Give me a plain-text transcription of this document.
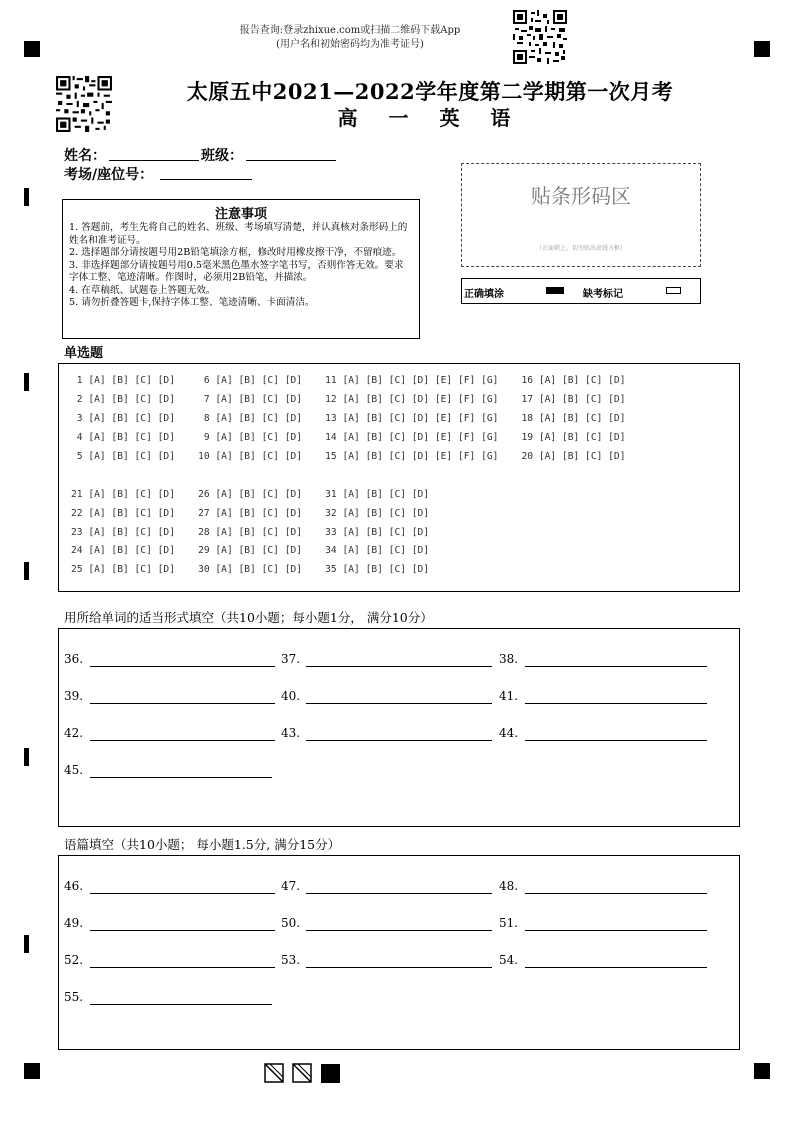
报告查询:登录zhixue.com或扫描二维码下载App
(用户名和初始密码均为准考证号)
太原五中2021—2022学年度第二学期第一次月考
高 一 英 语
姓名：	班级：
考场/座位号：
注意事项

1. 答题前，考生先将自己的姓名、班级、考场填写清楚，并认真核对条形码上的姓名和准考证号。

2. 选择题部分请按题号用2B铅笔填涂方框，修改时用橡皮擦干净，不留痕迹。

3. 非选择题部分请按题号用0.5毫米黑色墨水签字笔书写，否则作答无效。要求字体工整、笔迹清晰。作图时，必须用2B铅笔，并描浓。

4. 在草稿纸、试题卷上答题无效。

5. 请勿折叠答题卡,保持字体工整、笔迹清晰、卡面清洁。

贴条形码区
（正面朝上，切勿贴出虚线方框）
正确填涂	缺考标记
单选题
1 [A] [B] [C] [D]     6 [A] [B] [C] [D]    11 [A] [B] [C] [D] [E] [F] [G]    16 [A] [B] [C] [D]
2 [A] [B] [C] [D]     7 [A] [B] [C] [D]    12 [A] [B] [C] [D] [E] [F] [G]    17 [A] [B] [C] [D]
3 [A] [B] [C] [D]     8 [A] [B] [C] [D]    13 [A] [B] [C] [D] [E] [F] [G]    18 [A] [B] [C] [D]
4 [A] [B] [C] [D]     9 [A] [B] [C] [D]    14 [A] [B] [C] [D] [E] [F] [G]    19 [A] [B] [C] [D]
5 [A] [B] [C] [D]    10 [A] [B] [C] [D]    15 [A] [B] [C] [D] [E] [F] [G]    20 [A] [B] [C] [D]
21 [A] [B] [C] [D]    26 [A] [B] [C] [D]    31 [A] [B] [C] [D]
22 [A] [B] [C] [D]    27 [A] [B] [C] [D]    32 [A] [B] [C] [D]
23 [A] [B] [C] [D]    28 [A] [B] [C] [D]    33 [A] [B] [C] [D]
24 [A] [B] [C] [D]    29 [A] [B] [C] [D]    34 [A] [B] [C] [D]
25 [A] [B] [C] [D]    30 [A] [B] [C] [D]    35 [A] [B] [C] [D]
用所给单词的适当形式填空（共10小题；每小题1分， 满分10分）
36.	37.	38.
39.	40.	41.
42.	43.	44.
45.
语篇填空（共10小题； 每小题1.5分, 满分15分）
46.	47.	48.
49.	50.	51.
52.	53.	54.
55.
